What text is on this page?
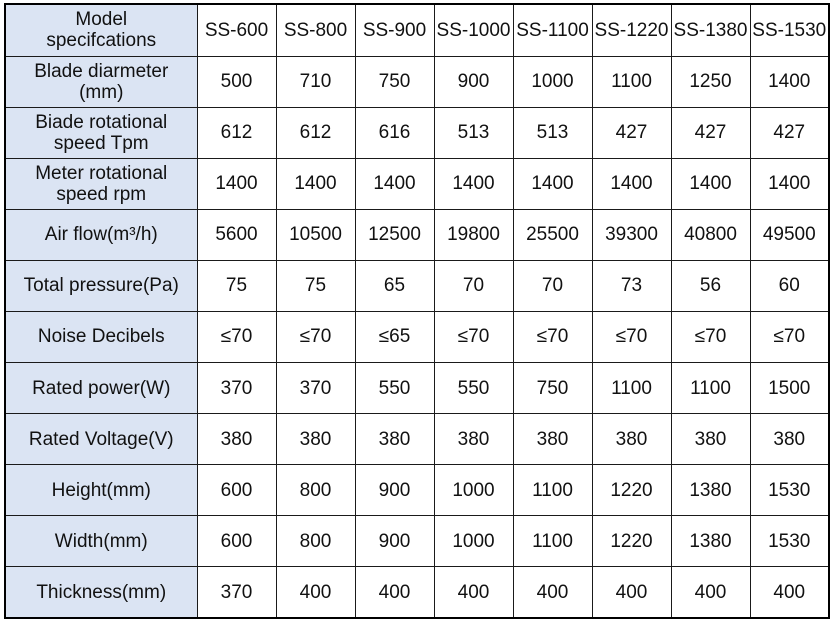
Model
specifcations	SS-600	SS-800	SS-900	SS-1000	SS-1100	SS-1220	SS-1380	SS-1530
Blade diarmeter
(mm)	500	710	750	900	1000	1100	1250	1400
Biade rotational
speed Tpm	612	612	616	513	513	427	427	427
Meter rotational
speed rpm	1400	1400	1400	1400	1400	1400	1400	1400
Air flow(m³/h)	5600	10500	12500	19800	25500	39300	40800	49500
Total pressure(Pa)	75	75	65	70	70	73	56	60
Noise Decibels	≤70	≤70	≤65	≤70	≤70	≤70	≤70	≤70
Rated power(W)	370	370	550	550	750	1100	1100	1500
Rated Voltage(V)	380	380	380	380	380	380	380	380
Height(mm)	600	800	900	1000	1100	1220	1380	1530
Width(mm)	600	800	900	1000	1100	1220	1380	1530
Thickness(mm)	370	400	400	400	400	400	400	400
